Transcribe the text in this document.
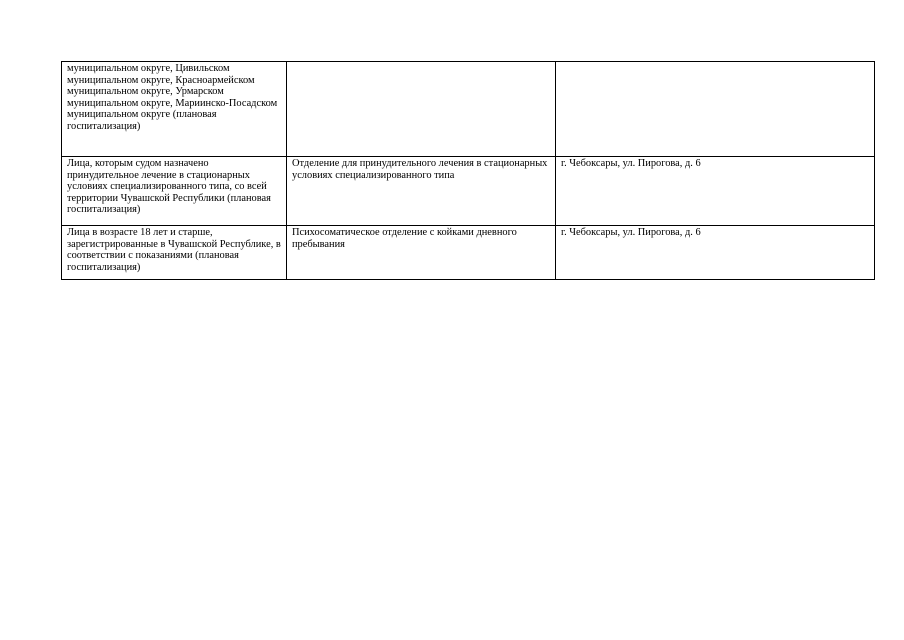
муниципальном округе, Цивильском муниципальном округе, Красноармейском муниципальном округе, Урмарском муниципальном округе, Мариинско-Посадском муниципальном округе (плановая госпитализация)		

Лица, которым судом назначено принудительное лечение в стационарных условиях специализированного типа, со всей территории Чувашской Республики (плановая госпитализация)	Отделение для принудительного лечения в стационарных условиях специализированного типа	г. Чебоксары, ул. Пирогова, д. 6

Лица в возрасте 18 лет и старше, зарегистрированные в Чувашской Республике, в соответствии с показаниями (плановая госпитализация)	Психосоматическое отделение с койками дневного пребывания	г. Чебоксары, ул. Пирогова, д. 6
